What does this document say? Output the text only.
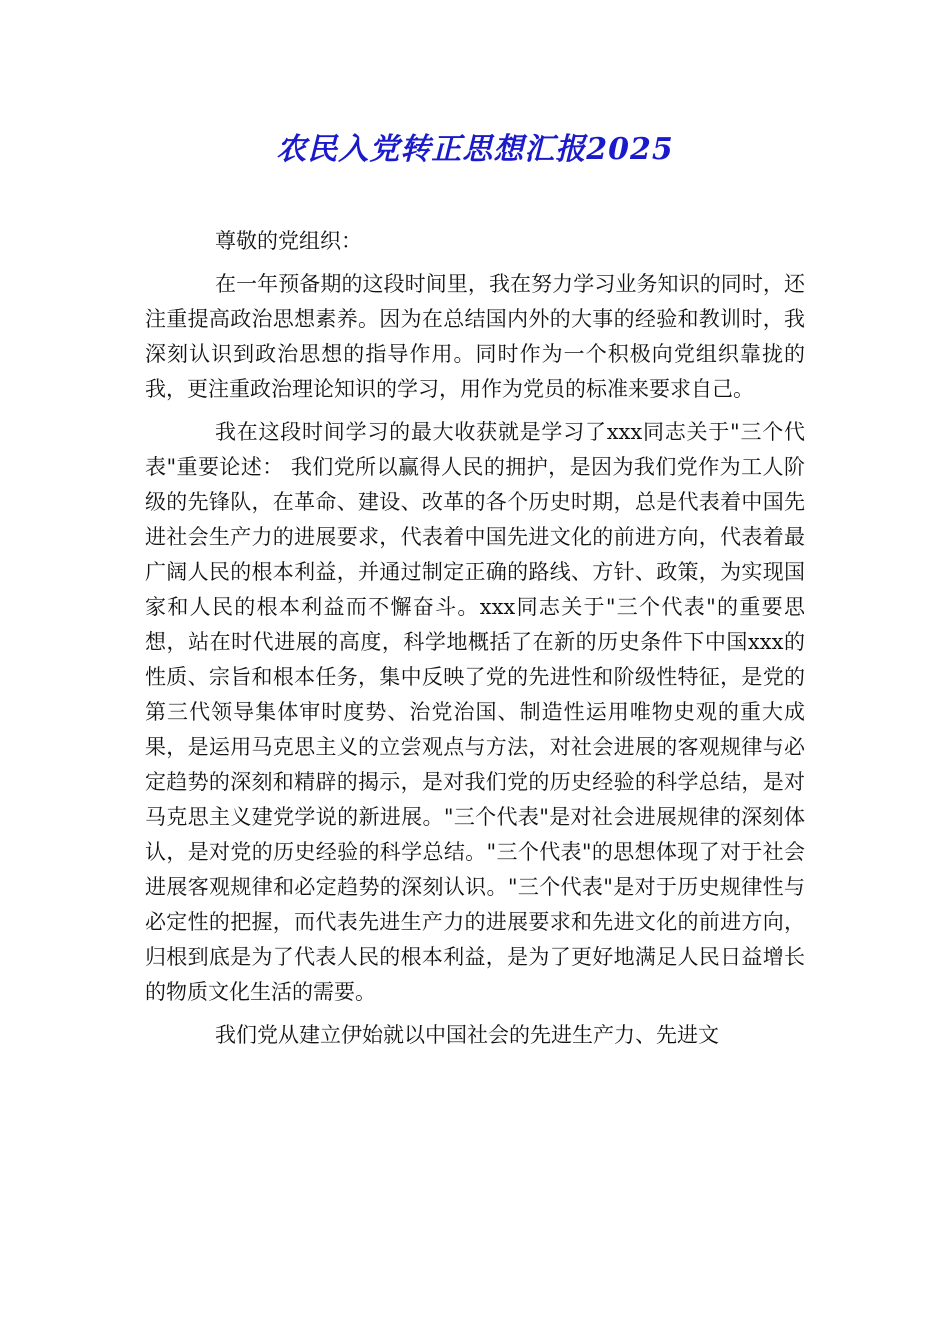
农民入党转正思想汇报2025

尊敬的党组织：

在一年预备期的这段时间里，我在努力学习业务知识的同时，还注重提高政治思想素养。因为在总结国内外的大事的经验和教训时，我深刻认识到政治思想的指导作用。同时作为一个积极向党组织靠拢的我，更注重政治理论知识的学习，用作为党员的标准来要求自己。

我在这段时间学习的最大收获就是学习了xxx同志关于"三个代表"重要论述： 我们党所以赢得人民的拥护，是因为我们党作为工人阶级的先锋队，在革命、建设、改革的各个历史时期，总是代表着中国先进社会生产力的进展要求，代表着中国先进文化的前进方向，代表着最广阔人民的根本利益，并通过制定正确的路线、方针、政策，为实现国家和人民的根本利益而不懈奋斗。xxx同志关于"三个代表"的重要思想，站在时代进展的高度，科学地概括了在新的历史条件下中国xxx的性质、宗旨和根本任务，集中反映了党的先进性和阶级性特征，是党的第三代领导集体审时度势、治党治国、制造性运用唯物史观的重大成果，是运用马克思主义的立尝观点与方法，对社会进展的客观规律与必定趋势的深刻和精辟的揭示，是对我们党的历史经验的科学总结，是对马克思主义建党学说的新进展。"三个代表"是对社会进展规律的深刻体认，是对党的历史经验的科学总结。"三个代表"的思想体现了对于社会进展客观规律和必定趋势的深刻认识。"三个代表"是对于历史规律性与必定性的把握，而代表先进生产力的进展要求和先进文化的前进方向，归根到底是为了代表人民的根本利益，是为了更好地满足人民日益增长的物质文化生活的需要。

我们党从建立伊始就以中国社会的先进生产力、先进文
